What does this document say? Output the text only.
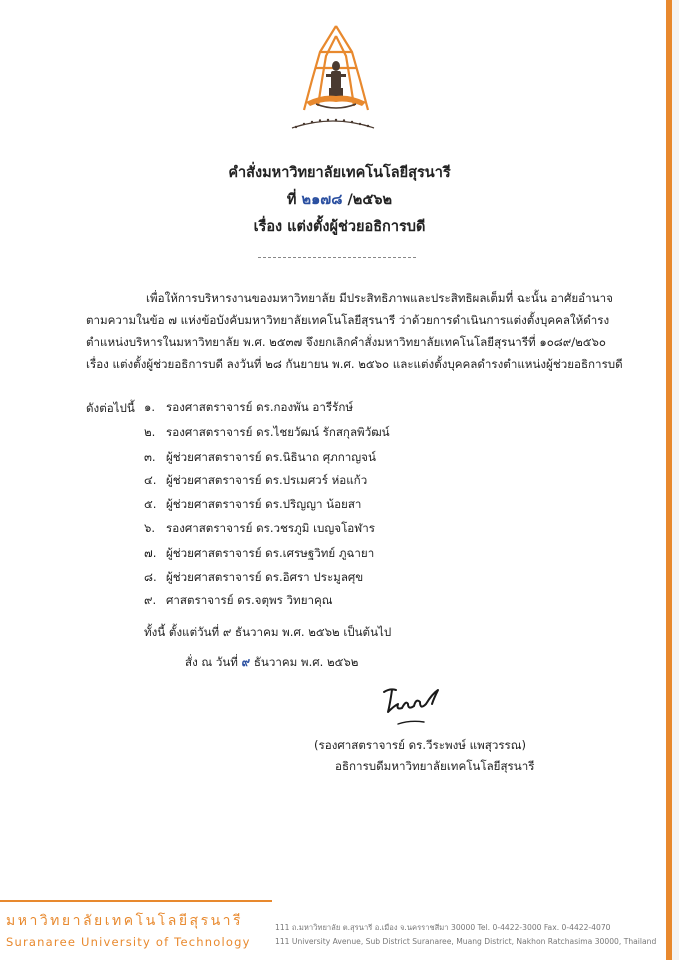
คำสั่งมหาวิทยาลัยเทคโนโลยีสุรนารี
ที่ ๒๑๗๘ /๒๕๖๒
เรื่อง แต่งตั้งผู้ช่วยอธิการบดี
เพื่อให้การบริหารงานของมหาวิทยาลัย มีประสิทธิภาพและประสิทธิผลเต็มที่ ฉะนั้น อาศัยอำนาจ
ตามความในข้อ ๗ แห่งข้อบังคับมหาวิทยาลัยเทคโนโลยีสุรนารี ว่าด้วยการดำเนินการแต่งตั้งบุคคลให้ดำรง
ตำแหน่งบริหารในมหาวิทยาลัย พ.ศ. ๒๕๓๗ จึงยกเลิกคำสั่งมหาวิทยาลัยเทคโนโลยีสุรนารีที่ ๑๐๘๙/๒๕๖๐
เรื่อง แต่งตั้งผู้ช่วยอธิการบดี ลงวันที่ ๒๘ กันยายน พ.ศ. ๒๕๖๐ และแต่งตั้งบุคคลดำรงตำแหน่งผู้ช่วยอธิการบดี
ดังต่อไปนี้ ๑. รองศาสตราจารย์ ดร.กองพัน อารีรักษ์
๒. รองศาสตราจารย์ ดร.ไชยวัฒน์ รักสกุลพิวัฒน์
๓. ผู้ช่วยศาสตราจารย์ ดร.นิธินาถ ศุภกาญจน์
๔. ผู้ช่วยศาสตราจารย์ ดร.ปรเมศวร์ ห่อแก้ว
๕. ผู้ช่วยศาสตราจารย์ ดร.ปริญญา น้อยสา
๖. รองศาสตราจารย์ ดร.วชรภูมิ เบญจโอฬาร
๗. ผู้ช่วยศาสตราจารย์ ดร.เศรษฐวิทย์ ภูฉายา
๘. ผู้ช่วยศาสตราจารย์ ดร.อิศรา ประมูลศุข
๙. ศาสตราจารย์ ดร.จตุพร วิทยาคุณ
ทั้งนี้ ตั้งแต่วันที่ ๙ ธันวาคม พ.ศ. ๒๕๖๒ เป็นต้นไป
สั่ง ณ วันที่ ๙ ธันวาคม พ.ศ. ๒๕๖๒
(รองศาสตราจารย์ ดร.วีระพงษ์ แพสุวรรณ)
อธิการบดีมหาวิทยาลัยเทคโนโลยีสุรนารี
มหาวิทยาลัยเทคโนโลยีสุรนารี
Suranaree University of Technology
111 ถ.มหาวิทยาลัย ต.สุรนารี อ.เมือง จ.นครราชสีมา 30000 Tel. 0-4422-3000 Fax. 0-4422-4070
111 University Avenue, Sub District Suranaree, Muang District, Nakhon Ratchasima 30000, Thailand
